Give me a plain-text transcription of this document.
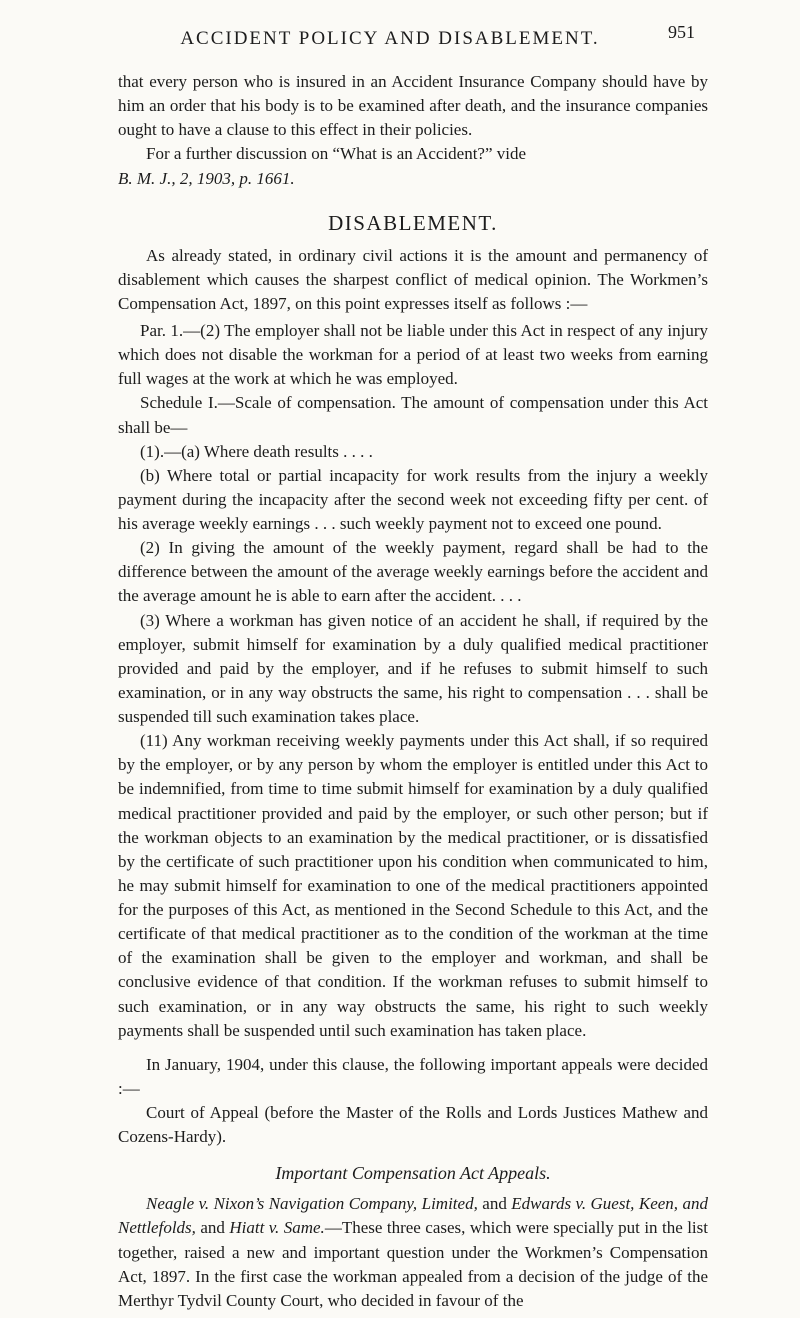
ACCIDENT POLICY AND DISABLEMENT.	951

that every person who is insured in an Accident Insurance Company should have by him an order that his body is to be examined after death, and the insurance companies ought to have a clause to this effect in their policies.

For a further discussion on “What is an Accident?” vide

B. M. J., 2, 1903, p. 1661.

DISABLEMENT.

As already stated, in ordinary civil actions it is the amount and permanency of disablement which causes the sharpest conflict of medical opinion. The Workmen’s Compensation Act, 1897, on this point expresses itself as follows :—

Par. 1.—(2) The employer shall not be liable under this Act in respect of any injury which does not disable the workman for a period of at least two weeks from earning full wages at the work at which he was employed.

Schedule I.—Scale of compensation. The amount of compensation under this Act shall be—

(1).—(a) Where death results . . . .

(b) Where total or partial incapacity for work results from the injury a weekly payment during the incapacity after the second week not exceeding fifty per cent. of his average weekly earnings . . . such weekly payment not to exceed one pound.

(2) In giving the amount of the weekly payment, regard shall be had to the difference between the amount of the average weekly earnings before the accident and the average amount he is able to earn after the accident. . . .

(3) Where a workman has given notice of an accident he shall, if required by the employer, submit himself for examination by a duly qualified medical practitioner provided and paid by the employer, and if he refuses to submit himself to such examination, or in any way obstructs the same, his right to compensation . . . shall be suspended till such examination takes place.

(11) Any workman receiving weekly payments under this Act shall, if so required by the employer, or by any person by whom the employer is entitled under this Act to be indemnified, from time to time submit himself for examination by a duly qualified medical practitioner provided and paid by the employer, or such other person; but if the workman objects to an examination by the medical practitioner, or is dissatisfied by the certificate of such practitioner upon his condition when communicated to him, he may submit himself for examination to one of the medical practitioners appointed for the purposes of this Act, as mentioned in the Second Schedule to this Act, and the certificate of that medical practitioner as to the condition of the workman at the time of the examination shall be given to the employer and workman, and shall be conclusive evidence of that condition. If the workman refuses to submit himself to such examination, or in any way obstructs the same, his right to such weekly payments shall be suspended until such examination has taken place.

In January, 1904, under this clause, the following important appeals were decided :—

Court of Appeal (before the Master of the Rolls and Lords Justices Mathew and Cozens-Hardy).

Important Compensation Act Appeals.

Neagle v. Nixon’s Navigation Company, Limited, and Edwards v. Guest, Keen, and Nettlefolds, and Hiatt v. Same.—These three cases, which were specially put in the list together, raised a new and important question under the Workmen’s Compensation Act, 1897. In the first case the workman appealed from a decision of the judge of the Merthyr Tydvil County Court, who decided in favour of the
